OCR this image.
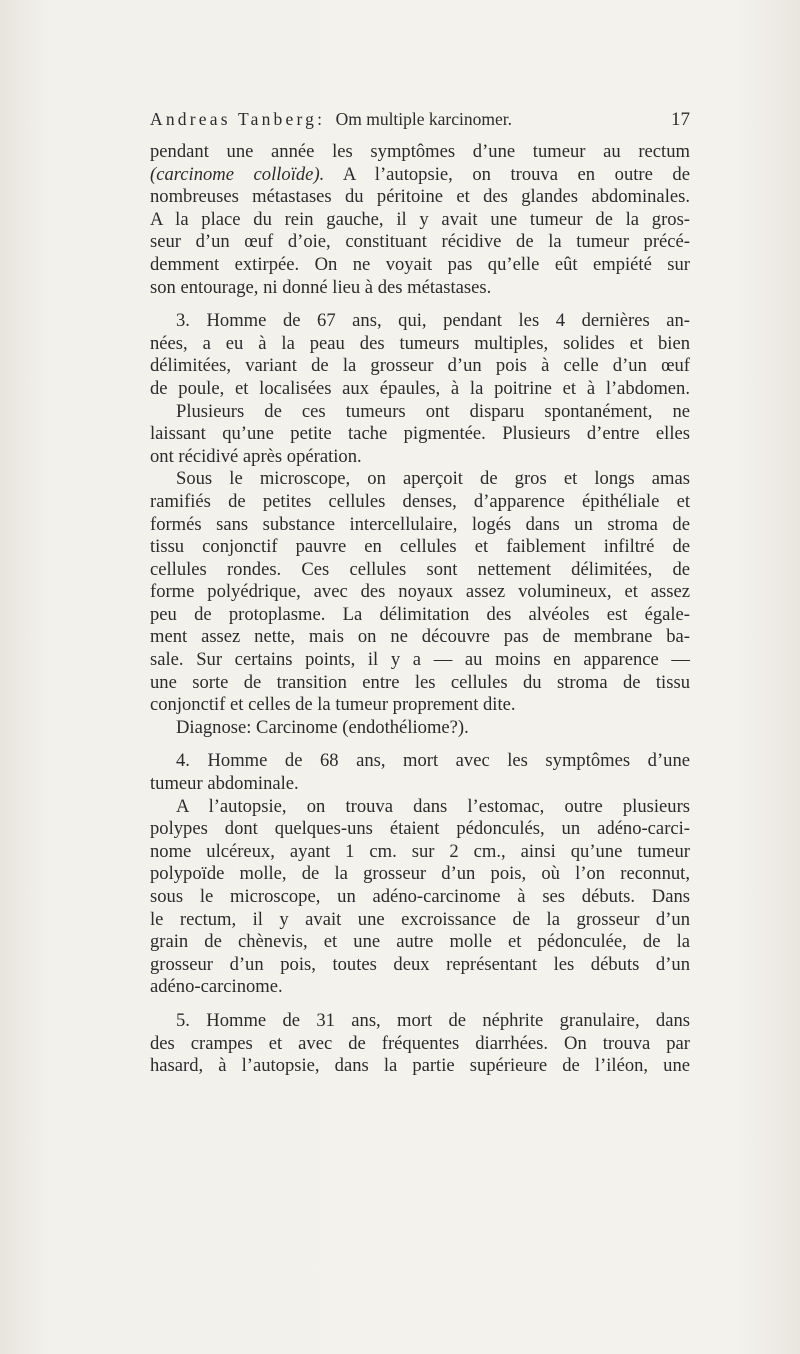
Andreas Tanberg: Om multiple karcinomer.	17
pendant une année les symptômes d’une tumeur au rectum
(carcinome colloïde). A l’autopsie, on trouva en outre de
nombreuses métastases du péritoine et des glandes abdominales.
A la place du rein gauche, il y avait une tumeur de la gros-
seur d’un œuf d’oie, constituant récidive de la tumeur précé-
demment extirpée. On ne voyait pas qu’elle eût empiété sur
son entourage, ni donné lieu à des métastases.
3. Homme de 67 ans, qui, pendant les 4 dernières an-
nées, a eu à la peau des tumeurs multiples, solides et bien
délimitées, variant de la grosseur d’un pois à celle d’un œuf
de poule, et localisées aux épaules, à la poitrine et à l’abdomen.
Plusieurs de ces tumeurs ont disparu spontanément, ne
laissant qu’une petite tache pigmentée. Plusieurs d’entre elles
ont récidivé après opération.
Sous le microscope, on aperçoit de gros et longs amas
ramifiés de petites cellules denses, d’apparence épithéliale et
formés sans substance intercellulaire, logés dans un stroma de
tissu conjonctif pauvre en cellules et faiblement infiltré de
cellules rondes. Ces cellules sont nettement délimitées, de
forme polyédrique, avec des noyaux assez volumineux, et assez
peu de protoplasme. La délimitation des alvéoles est égale-
ment assez nette, mais on ne découvre pas de membrane ba-
sale. Sur certains points, il y a — au moins en apparence —
une sorte de transition entre les cellules du stroma de tissu
conjonctif et celles de la tumeur proprement dite.
Diagnose: Carcinome (endothéliome?).
4. Homme de 68 ans, mort avec les symptômes d’une
tumeur abdominale.
A l’autopsie, on trouva dans l’estomac, outre plusieurs
polypes dont quelques-uns étaient pédonculés, un adéno-carci-
nome ulcéreux, ayant 1 cm. sur 2 cm., ainsi qu’une tumeur
polypoïde molle, de la grosseur d’un pois, où l’on reconnut,
sous le microscope, un adéno-carcinome à ses débuts. Dans
le rectum, il y avait une excroissance de la grosseur d’un
grain de chènevis, et une autre molle et pédonculée, de la
grosseur d’un pois, toutes deux représentant les débuts d’un
adéno-carcinome.
5. Homme de 31 ans, mort de néphrite granulaire, dans
des crampes et avec de fréquentes diarrhées. On trouva par
hasard, à l’autopsie, dans la partie supérieure de l’iléon, une
